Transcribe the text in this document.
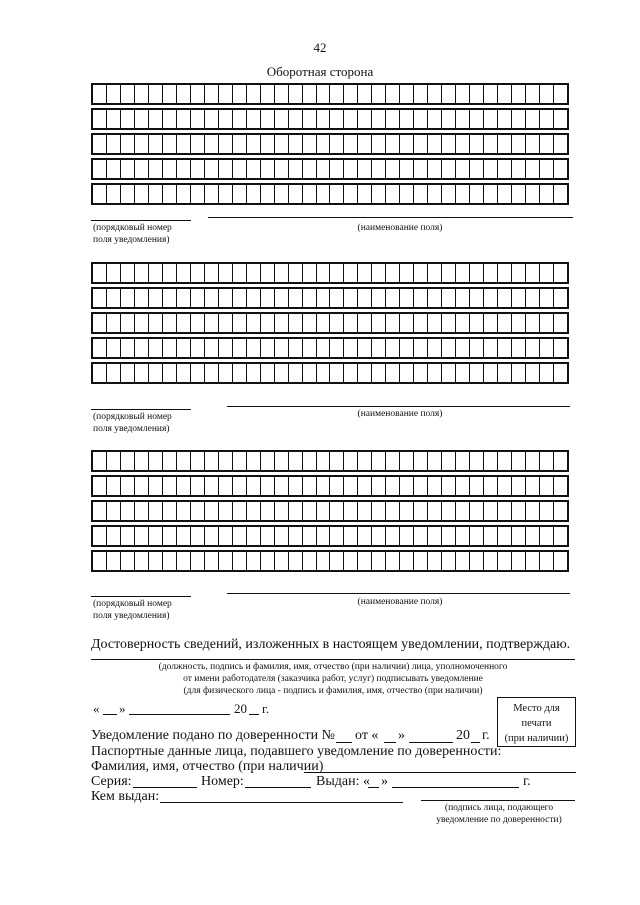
42
Оборотная сторона
(порядковый номер
поля уведомления)
(наименование поля)
(порядковый номер
поля уведомления)
(наименование поля)
(порядковый номер
поля уведомления)
(наименование поля)
Достоверность сведений, изложенных в настоящем уведомлении, подтверждаю.
(должность, подпись и фамилия, имя, отчество (при наличии) лица, уполномоченного
от имени работодателя (заказчика работ, услуг) подписывать уведомление
(для физического лица - подпись и фамилия, имя, отчество (при наличии)
« »	20 г.	Место для
печати
(при наличии)
Уведомление подано по доверенности № от « »	20 г.
Паспортные данные лица, подавшего уведомление по доверенности:
Фамилия, имя, отчество (при наличии)
Серия:	Номер:	Выдан: « »	г.
Кем выдан:
(подпись лица, подающего
уведомление по доверенности)
